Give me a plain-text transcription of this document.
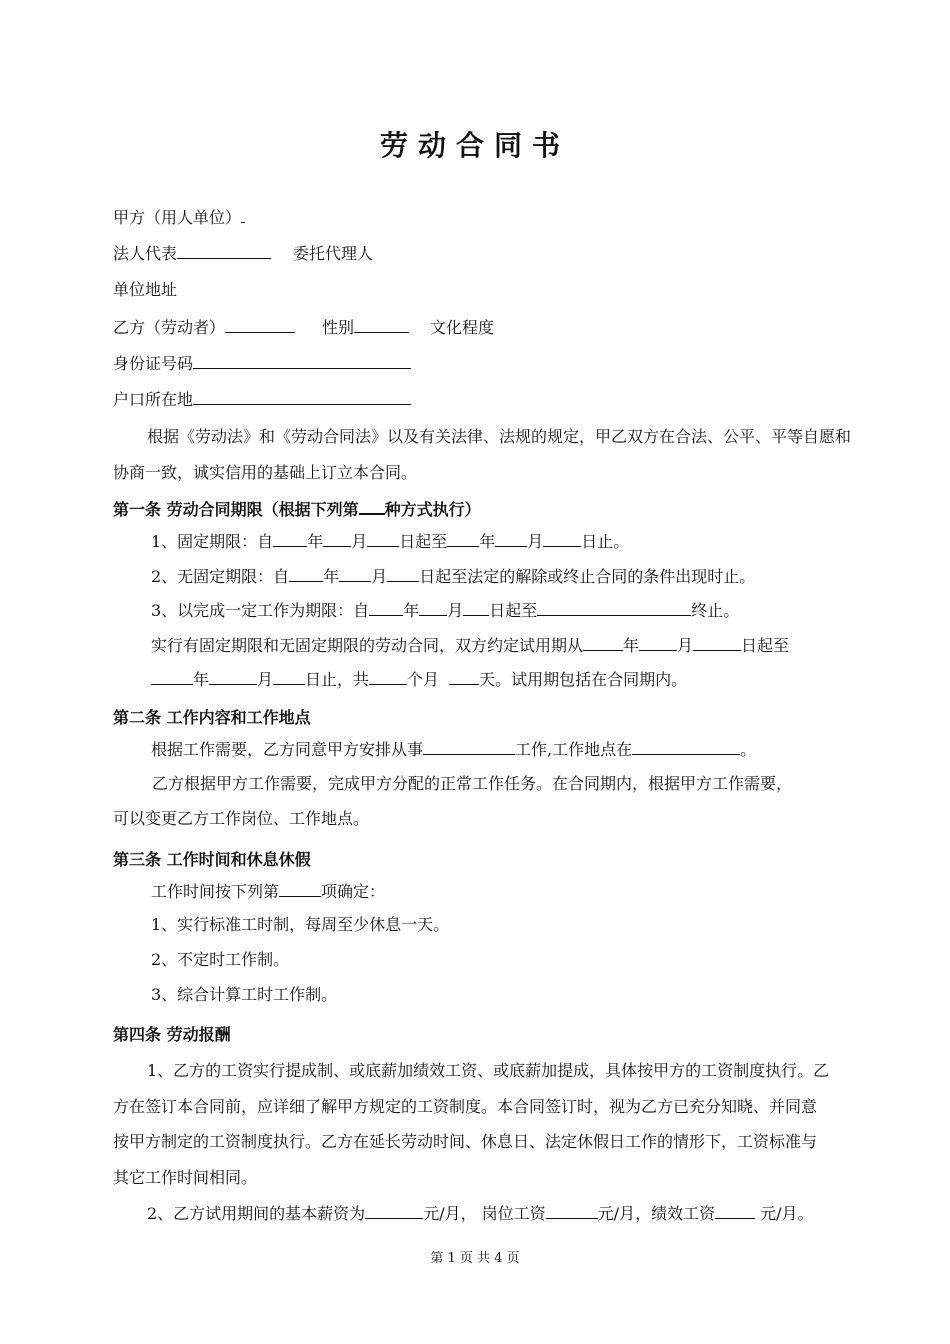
劳动合同书
甲方（用人单位）
法人代表	委托代理人
单位地址
乙方（劳动者）	性别	文化程度
身份证号码
户口所在地
根据《劳动法》和《劳动合同法》以及有关法律、法规的规定，甲乙双方在合法、公平、平等自愿和
协商一致，诚实信用的基础上订立本合同。
第一条 劳动合同期限（根据下列第 种方式执行）
1、固定期限：自 年 月 日起至 年 月 日止。
2、无固定期限：自 年 月 日起至法定的解除或终止合同的条件出现时止。
3、以完成一定工作为期限：自 年 月 日起至	终止。
实行有固定期限和无固定期限的劳动合同，双方约定试用期从	年 月	日起至
年	月 日止，共 个月	天。试用期包括在合同期内。
第二条 工作内容和工作地点
根据工作需要，乙方同意甲方安排从事	工作,工作地点在	。
乙方根据甲方工作需要，完成甲方分配的正常工作任务。在合同期内，根据甲方工作需要，
可以变更乙方工作岗位、工作地点。
第三条 工作时间和休息休假
工作时间按下列第	项确定：
1、实行标准工时制，每周至少休息一天。
2、不定时工作制。
3、综合计算工时工作制。
第四条 劳动报酬
1、乙方的工资实行提成制、或底薪加绩效工资、或底薪加提成，具体按甲方的工资制度执行。乙
方在签订本合同前，应详细了解甲方规定的工资制度。本合同签订时，视为乙方已充分知晓、并同意
按甲方制定的工资制度执行。乙方在延长劳动时间、休息日、法定休假日工作的情形下，工资标准与
其它工作时间相同。
2、乙方试用期间的基本薪资为	元/月， 岗位工资	元/月，绩效工资	元/月。
第 1 页 共 4 页
